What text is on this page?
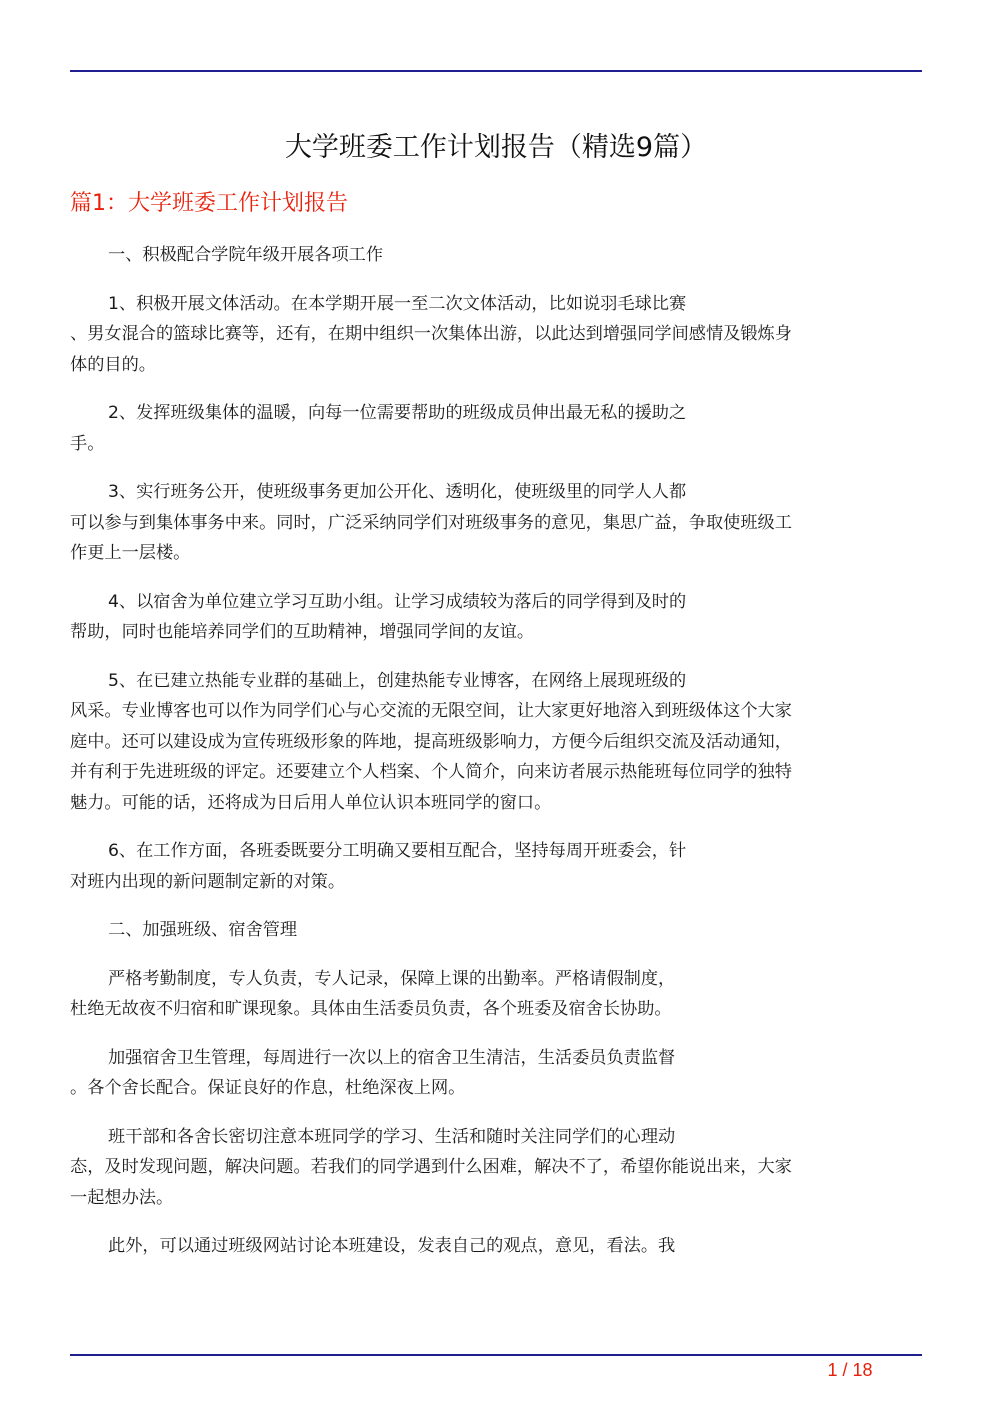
大学班委工作计划报告（精选9篇）
篇1：大学班委工作计划报告
一、积极配合学院年级开展各项工作
1、积极开展文体活动。在本学期开展一至二次文体活动，比如说羽毛球比赛
、男女混合的篮球比赛等，还有，在期中组织一次集体出游，以此达到增强同学间感情及锻炼身
体的目的。
2、发挥班级集体的温暖，向每一位需要帮助的班级成员伸出最无私的援助之
手。
3、实行班务公开，使班级事务更加公开化、透明化，使班级里的同学人人都
可以参与到集体事务中来。同时，广泛采纳同学们对班级事务的意见，集思广益，争取使班级工
作更上一层楼。
4、以宿舍为单位建立学习互助小组。让学习成绩较为落后的同学得到及时的
帮助，同时也能培养同学们的互助精神，增强同学间的友谊。
5、在已建立热能专业群的基础上，创建热能专业博客，在网络上展现班级的
风采。专业博客也可以作为同学们心与心交流的无限空间，让大家更好地溶入到班级体这个大家
庭中。还可以建设成为宣传班级形象的阵地，提高班级影响力，方便今后组织交流及活动通知，
并有利于先进班级的评定。还要建立个人档案、个人简介，向来访者展示热能班每位同学的独特
魅力。可能的话，还将成为日后用人单位认识本班同学的窗口。
6、在工作方面，各班委既要分工明确又要相互配合，坚持每周开班委会，针
对班内出现的新问题制定新的对策。
二、加强班级、宿舍管理
严格考勤制度，专人负责，专人记录，保障上课的出勤率。严格请假制度，
杜绝无故夜不归宿和旷课现象。具体由生活委员负责，各个班委及宿舍长协助。
加强宿舍卫生管理，每周进行一次以上的宿舍卫生清洁，生活委员负责监督
。各个舍长配合。保证良好的作息，杜绝深夜上网。
班干部和各舍长密切注意本班同学的学习、生活和随时关注同学们的心理动
态，及时发现问题，解决问题。若我们的同学遇到什么困难，解决不了，希望你能说出来，大家
一起想办法。
此外，可以通过班级网站讨论本班建设，发表自己的观点，意见，看法。我
1 / 18
